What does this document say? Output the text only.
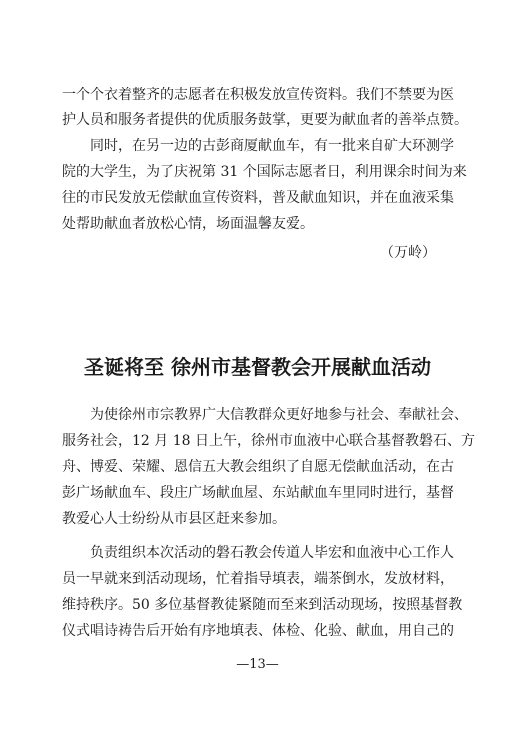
一个个衣着整齐的志愿者在积极发放宣传资料。我们不禁要为医
护人员和服务者提供的优质服务鼓掌，更要为献血者的善举点赞。
同时，在另一边的古彭商厦献血车，有一批来自矿大环测学
院的大学生，为了庆祝第 31 个国际志愿者日，利用课余时间为来
往的市民发放无偿献血宣传资料，普及献血知识，并在血液采集
处帮助献血者放松心情，场面温馨友爱。
（万岭）
圣诞将至 徐州市基督教会开展献血活动
为使徐州市宗教界广大信教群众更好地参与社会、奉献社会、
服务社会，12 月 18 日上午，徐州市血液中心联合基督教磐石、方
舟、博爱、荣耀、恩信五大教会组织了自愿无偿献血活动，在古
彭广场献血车、段庄广场献血屋、东站献血车里同时进行，基督
教爱心人士纷纷从市县区赶来参加。
负责组织本次活动的磐石教会传道人毕宏和血液中心工作人
员一早就来到活动现场，忙着指导填表，端茶倒水，发放材料，
维持秩序。50 多位基督教徒紧随而至来到活动现场，按照基督教
仪式唱诗祷告后开始有序地填表、体检、化验、献血，用自己的
—13—
